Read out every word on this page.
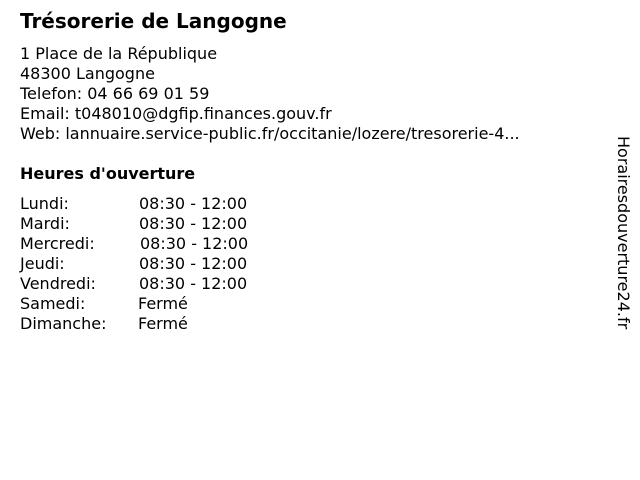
Trésorerie de Langogne
1 Place de la République
48300 Langogne
Telefon: 04 66 69 01 59
Email: t048010@dgfip.finances.gouv.fr
Web: lannuaire.service-public.fr/occitanie/lozere/tresorerie-4...
Heures d'ouverture
Lundi:	08:30 - 12:00
Mardi:	08:30 - 12:00
Mercredi:	08:30 - 12:00
Jeudi:	08:30 - 12:00
Vendredi:	08:30 - 12:00
Samedi:	Fermé
Dimanche: Fermé	Horairesdouverture24.fr
